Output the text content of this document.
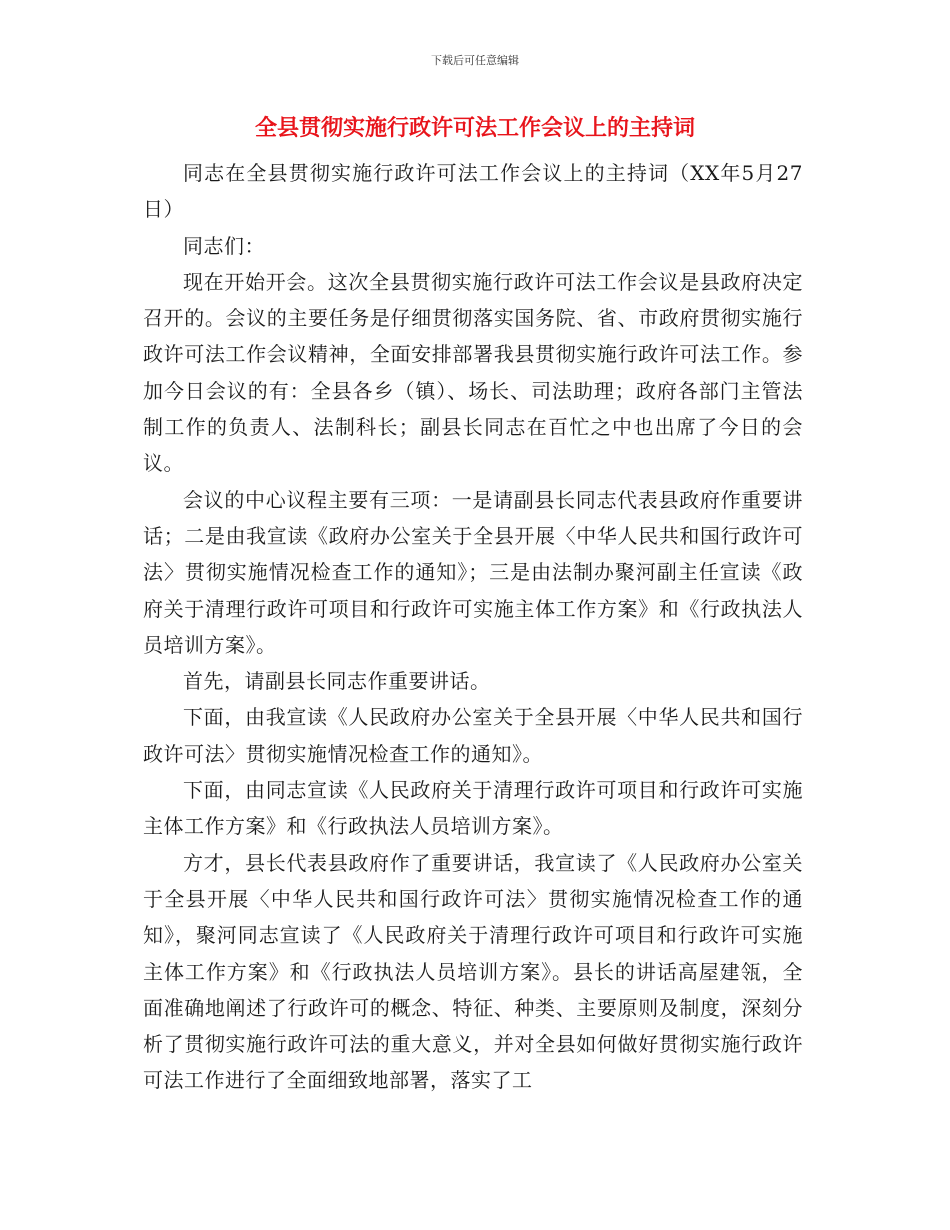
下载后可任意编辑
全县贯彻实施行政许可法工作会议上的主持词

同志在全县贯彻实施行政许可法工作会议上的主持词（XX年5月27日）

同志们：

现在开始开会。这次全县贯彻实施行政许可法工作会议是县政府决定召开的。会议的主要任务是仔细贯彻落实国务院、省、市政府贯彻实施行政许可法工作会议精神，全面安排部署我县贯彻实施行政许可法工作。参加今日会议的有：全县各乡（镇）、场长、司法助理；政府各部门主管法制工作的负责人、法制科长；副县长同志在百忙之中也出席了今日的会议。

会议的中心议程主要有三项：一是请副县长同志代表县政府作重要讲话；二是由我宣读《政府办公室关于全县开展〈中华人民共和国行政许可法〉贯彻实施情况检查工作的通知》；三是由法制办聚河副主任宣读《政府关于清理行政许可项目和行政许可实施主体工作方案》和《行政执法人员培训方案》。

首先，请副县长同志作重要讲话。

下面，由我宣读《人民政府办公室关于全县开展〈中华人民共和国行政许可法〉贯彻实施情况检查工作的通知》。

下面，由同志宣读《人民政府关于清理行政许可项目和行政许可实施主体工作方案》和《行政执法人员培训方案》。

方才，县长代表县政府作了重要讲话，我宣读了《人民政府办公室关于全县开展〈中华人民共和国行政许可法〉贯彻实施情况检查工作的通知》，聚河同志宣读了《人民政府关于清理行政许可项目和行政许可实施主体工作方案》和《行政执法人员培训方案》。县长的讲话高屋建瓴，全面准确地阐述了行政许可的概念、特征、种类、主要原则及制度，深刻分析了贯彻实施行政许可法的重大意义，并对全县如何做好贯彻实施行政许可法工作进行了全面细致地部署，落实了工
